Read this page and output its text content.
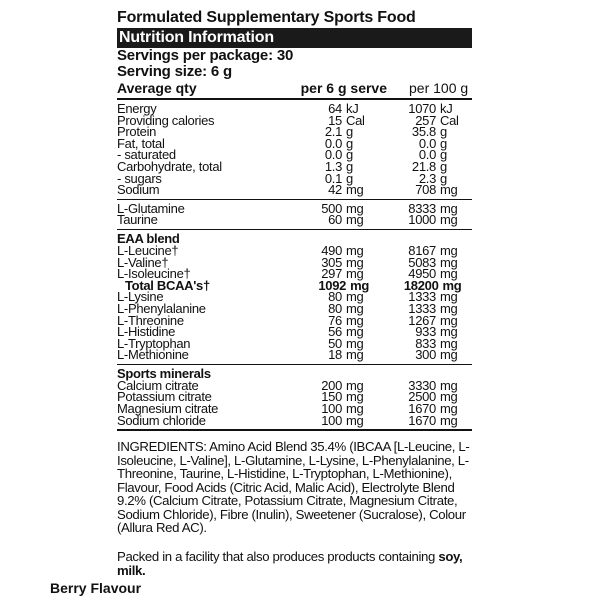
Formulated Supplementary Sports Food
Nutrition Information
Servings per package: 30
Serving size: 6 g
Average qty	per 6 g serve	per 100 g
Energy	64 kJ	1070 kJ
Providing calories	15 Cal	257 Cal
Protein	2.1 g	35.8 g
Fat, total	0.0 g	0.0 g
- saturated	0.0 g	0.0 g
Carbohydrate, total	1.3 g	21.8 g
- sugars	0.1 g	2.3 g
Sodium	42 mg	708 mg
L-Glutamine	500 mg	8333 mg
Taurine	60 mg	1000 mg
EAA blend
L-Leucine†	490 mg	8167 mg
L-Valine†	305 mg	5083 mg
L-Isoleucine†	297 mg	4950 mg
Total BCAA's†	1092 mg	18200 mg
L-Lysine	80 mg	1333 mg
L-Phenylalanine	80 mg	1333 mg
L-Threonine	76 mg	1267 mg
L-Histidine	56 mg	933 mg
L-Tryptophan	50 mg	833 mg
L-Methionine	18 mg	300 mg
Sports minerals
Calcium citrate	200 mg	3330 mg
Potassium citrate	150 mg	2500 mg
Magnesium citrate	100 mg	1670 mg
Sodium chloride	100 mg	1670 mg
INGREDIENTS: Amino Acid Blend 35.4% (IBCAA [L-Leucine, L-Isoleucine, L-Valine], L-Glutamine, L-Lysine, L-Phenylalanine, L-Threonine, Taurine, L-Histidine, L-Tryptophan, L-Methionine), Flavour, Food Acids (Citric Acid, Malic Acid), Electrolyte Blend 9.2% (Calcium Citrate, Potassium Citrate, Magnesium Citrate, Sodium Chloride), Fibre (Inulin), Sweetener (Sucralose), Colour (Allura Red AC).
Packed in a facility that also produces products containing soy, milk.
Berry Flavour
